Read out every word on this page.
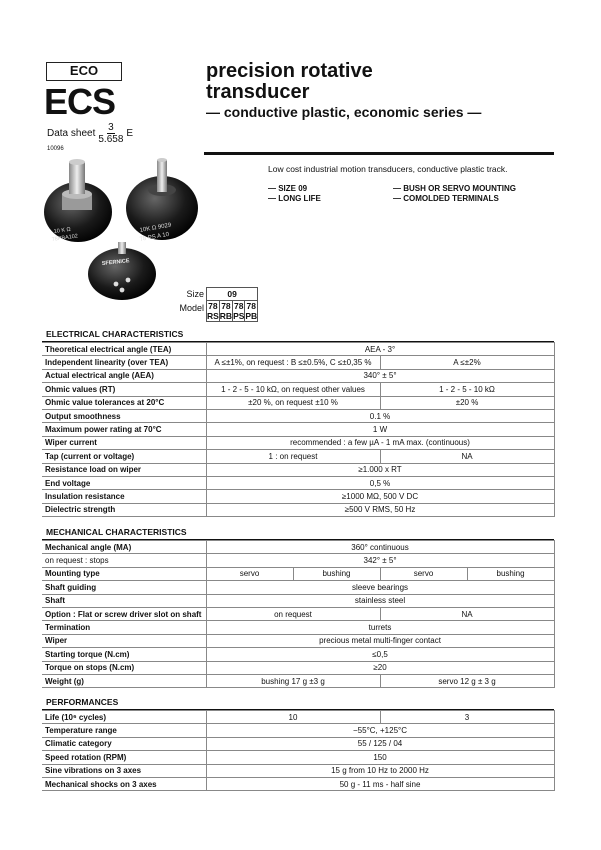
ECO
ECS
Data sheet $\frac{3}{5.658}$ E
10096
precision rotative
transducer
— conductive plastic, economic series —
Low cost industrial motion transducers, conductive plastic track.
— SIZE 09
— LONG LIFE
— BUSH OR SERVO MOUNTING
— COMOLDED TERMINALS
10 K Ω
78PBA102
10K Ω 9029
78 PS A 10
SFERNICE
Size
Model
09
78 RS	78 RB	78 PS	78 PB
ELECTRICAL CHARACTERISTICS
Theoretical electrical angle (TEA)	AEA - 3°	
Independent linearity (over TEA)	A ≤±1%, on request : B ≤±0.5%, C ≤±0,35 %	A ≤±2%
Actual electrical angle (AEA)	340° ± 5°	
Ohmic values (RT)	1 - 2 - 5 - 10 kΩ, on request other values	1 - 2 - 5 - 10 kΩ
Ohmic value tolerances at 20°C	±20 %, on request ±10 %	±20 %
Output smoothness	0.1 %	
Maximum power rating at 70°C	1 W	
Wiper current	recommended : a few µA - 1 mA max. (continuous)	
Tap (current or voltage)	1 : on request	NA
Resistance load on wiper	≥1.000 x RT	
End voltage	0,5 %	
Insulation resistance	≥1000 MΩ, 500 V DC	
Dielectric strength	≥500 V RMS, 50 Hz	
MECHANICAL CHARACTERISTICS
Mechanical angle (MA)	360° continuous			
on request : stops	342° ± 5°			
Mounting type	servo	bushing	servo	bushing
Shaft guiding	sleeve bearings			
Shaft	stainless steel			
Option : Flat or screw driver slot on shaft	on request		NA	
Termination	turrets			
Wiper	precious metal multi-finger contact			
Starting torque (N.cm)	≤0,5			
Torque on stops (N.cm)	≥20			
Weight (g)	bushing 17 g ±3 g		servo 12 g ± 3 g	
PERFORMANCES
Life (10⁶ cycles)	10	3
Temperature range	−55°C, +125°C	
Climatic category	55 / 125 / 04	
Speed rotation (RPM)	150	
Sine vibrations on 3 axes	15 g from 10 Hz to 2000 Hz	
Mechanical shocks on 3 axes	50 g - 11 ms - half sine	
